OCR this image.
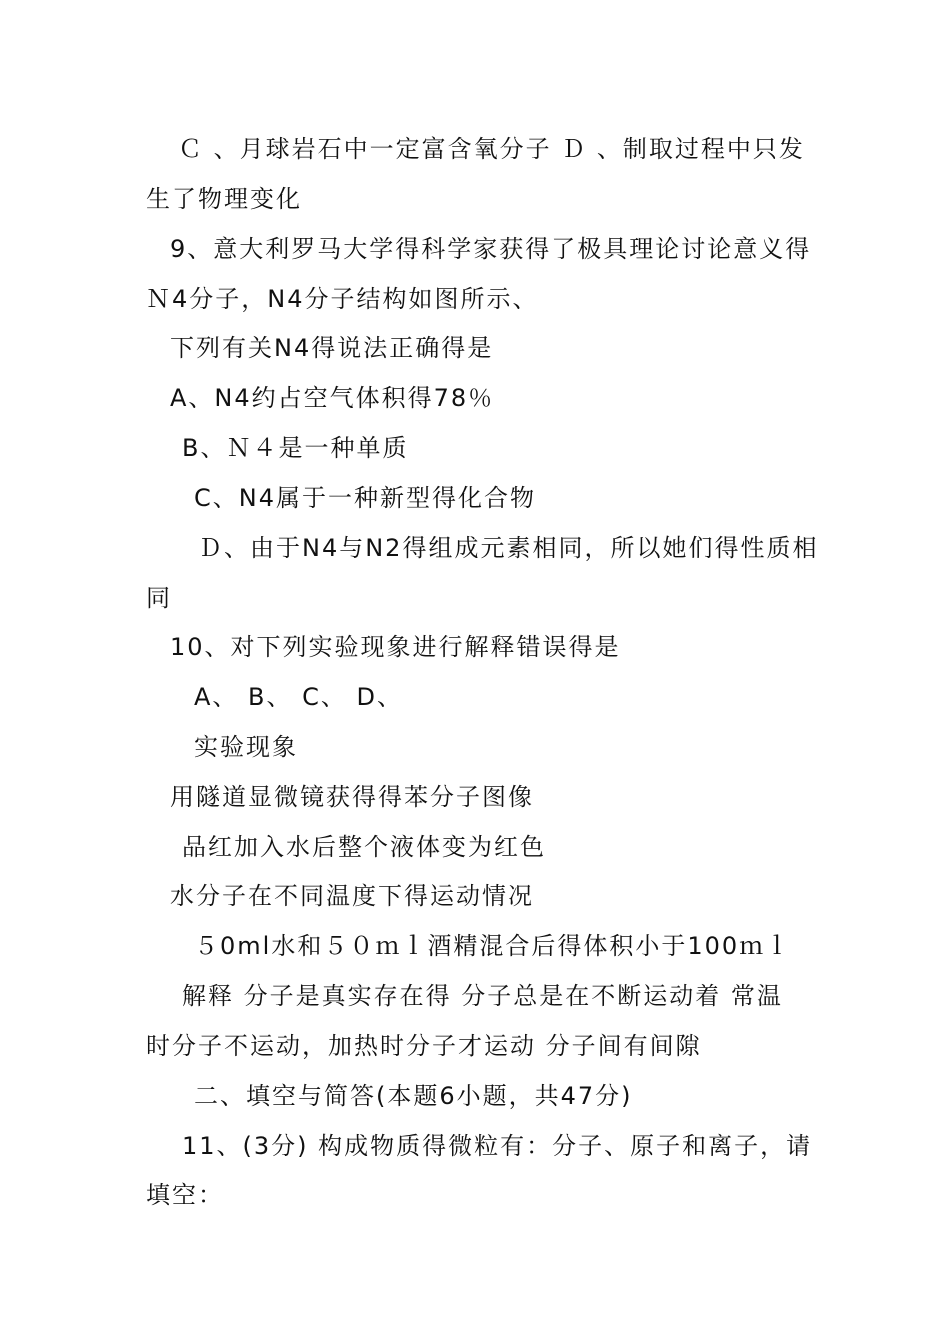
Ｃ 、月球岩石中一定富含氧分子 Ｄ 、制取过程中只发
生了物理变化
9、意大利罗马大学得科学家获得了极具理论讨论意义得
Ｎ4分子，N4分子结构如图所示、
下列有关N4得说法正确得是
A、N4约占空气体积得78％
B、Ｎ４是一种单质
C、N4属于一种新型得化合物
Ｄ、由于N4与N2得组成元素相同，所以她们得性质相
同
10、对下列实验现象进行解释错误得是
A、 B、 C、 D、
实验现象
用隧道显微镜获得得苯分子图像
品红加入水后整个液体变为红色
水分子在不同温度下得运动情况
５0ml水和５０ｍｌ酒精混合后得体积小于100ｍｌ
解释 分子是真实存在得 分子总是在不断运动着 常温
时分子不运动，加热时分子才运动 分子间有间隙
二、填空与简答(本题6小题，共47分)
11、(3分) 构成物质得微粒有：分子、原子和离子，请
填空：
